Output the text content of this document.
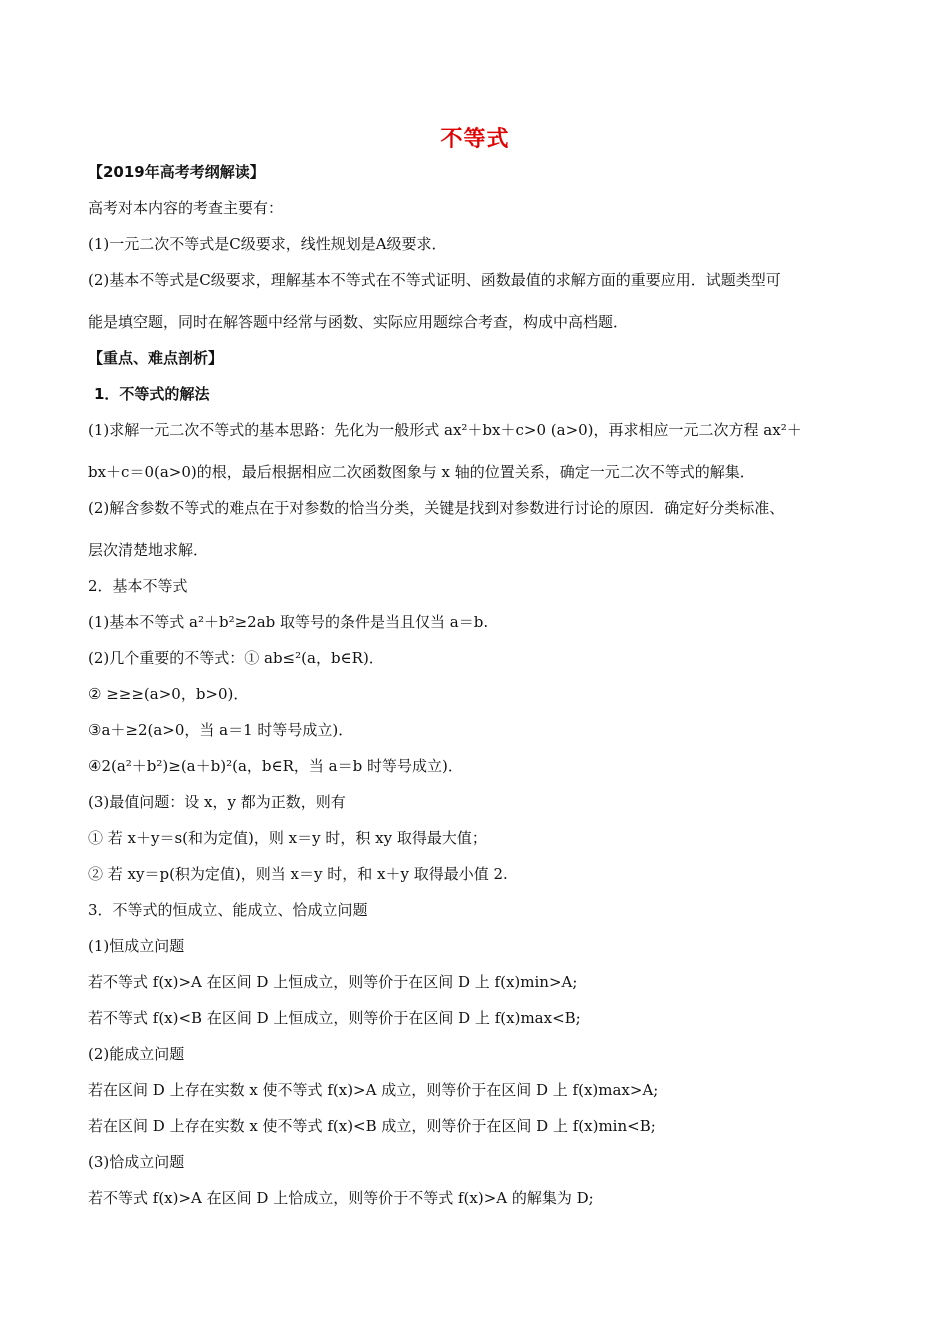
不等式
【2019年高考考纲解读】
高考对本内容的考查主要有：
(1)一元二次不等式是C级要求，线性规划是A级要求．
(2)基本不等式是C级要求，理解基本不等式在不等式证明、函数最值的求解方面的重要应用．试题类型可
能是填空题，同时在解答题中经常与函数、实际应用题综合考查，构成中高档题．
【重点、难点剖析】
1．不等式的解法
(1)求解一元二次不等式的基本思路：先化为一般形式 ax²＋bx＋c>0 (a>0)，再求相应一元二次方程 ax²＋
bx＋c＝0(a>0)的根，最后根据相应二次函数图象与 x 轴的位置关系，确定一元二次不等式的解集．
(2)解含参数不等式的难点在于对参数的恰当分类，关键是找到对参数进行讨论的原因．确定好分类标准、
层次清楚地求解．
2．基本不等式
(1)基本不等式 a²＋b²≥2ab 取等号的条件是当且仅当 a＝b.
(2)几个重要的不等式：① ab≤²(a，b∈R)．
② ≥≥≥(a>0，b>0)．
③a＋≥2(a>0，当 a＝1 时等号成立)．
④2(a²＋b²)≥(a＋b)²(a，b∈R，当 a＝b 时等号成立)．
(3)最值问题：设 x，y 都为正数，则有
① 若 x＋y＝s(和为定值)，则 x＝y 时，积 xy 取得最大值；
② 若 xy＝p(积为定值)，则当 x＝y 时，和 x＋y 取得最小值 2.
3．不等式的恒成立、能成立、恰成立问题
(1)恒成立问题
若不等式 f(x)>A 在区间 D 上恒成立，则等价于在区间 D 上 f(x)min>A;
若不等式 f(x)<B 在区间 D 上恒成立，则等价于在区间 D 上 f(x)max<B;
(2)能成立问题
若在区间 D 上存在实数 x 使不等式 f(x)>A 成立，则等价于在区间 D 上 f(x)max>A;
若在区间 D 上存在实数 x 使不等式 f(x)<B 成立，则等价于在区间 D 上 f(x)min<B;
(3)恰成立问题
若不等式 f(x)>A 在区间 D 上恰成立，则等价于不等式 f(x)>A 的解集为 D;
